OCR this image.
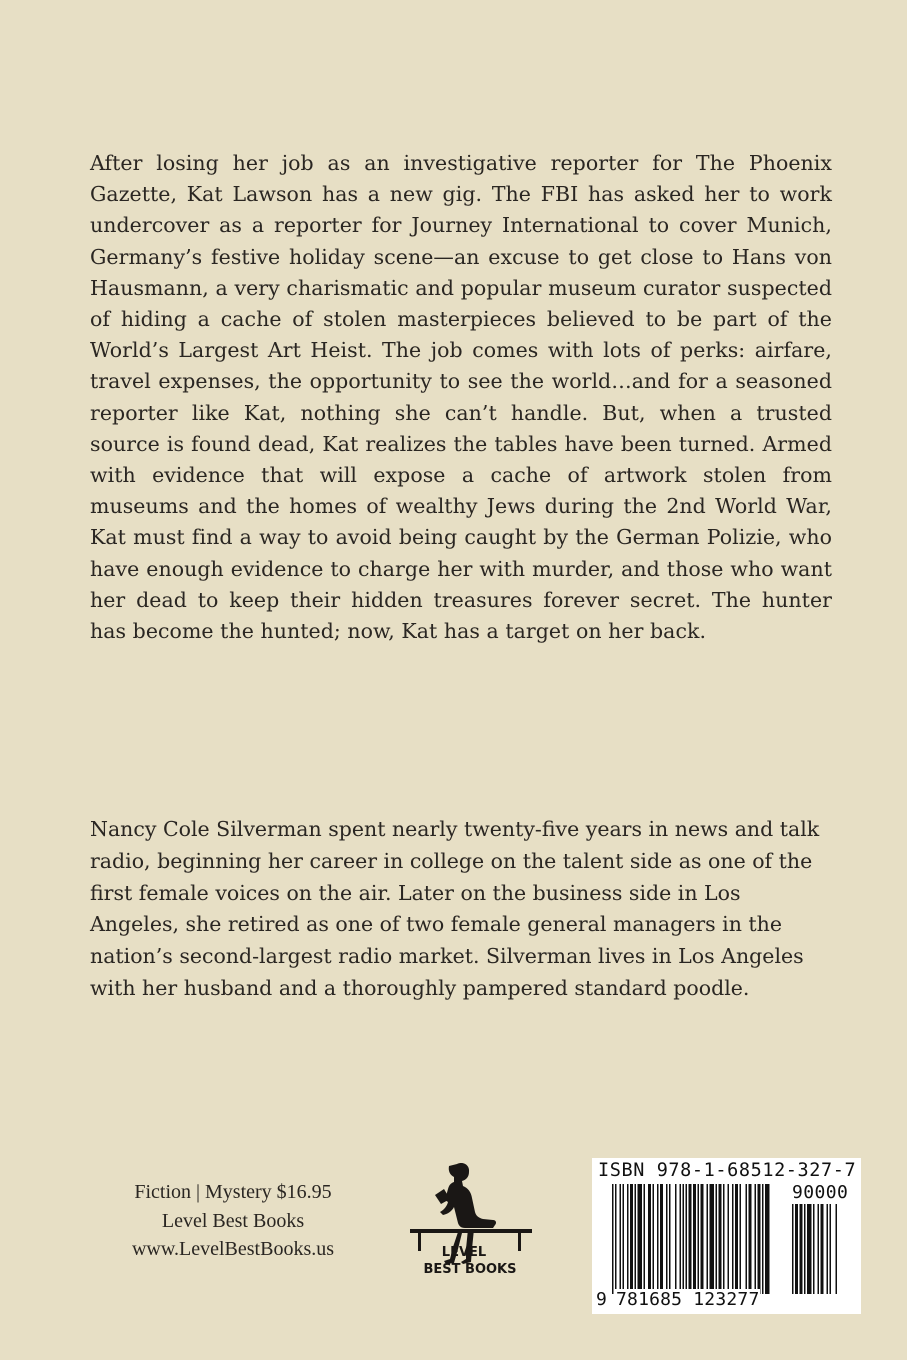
After losing her job as an investigative reporter for The Phoenix Gazette, Kat Lawson has a new gig. The FBI has asked her to work undercover as a reporter for Journey International to cover Munich, Germany’s festive holiday scene—an excuse to get close to Hans von Hausmann, a very charismatic and popular museum curator suspected of hiding a cache of stolen masterpieces believed to be part of the World’s Largest Art Heist. The job comes with lots of perks: airfare, travel expenses, the opportunity to see the world…and for a seasoned reporter like Kat, nothing she can’t handle. But, when a trusted source is found dead, Kat realizes the tables have been turned. Armed with evidence that will expose a cache of artwork stolen from museums and the homes of wealthy Jews during the 2nd World War, Kat must find a way to avoid being caught by the German Polizie, who have enough evidence to charge her with murder, and those who want her dead to keep their hidden treasures forever secret. The hunter has become the hunted; now, Kat has a target on her back.

Nancy Cole Silverman spent nearly twenty-five years in news and talk radio, beginning her career in college on the talent side as one of the first female voices on the air. Later on the business side in Los Angeles, she retired as one of two female general managers in the nation’s second-largest radio market. Silverman lives in Los Angeles with her husband and a thoroughly pampered standard poodle.

Fiction | Mystery $16.95
Level Best Books
www.LevelBestBooks.us	LEVEL
BEST BOOKS
ISBN 978-1-68512-327-7
90000
9 781685 123277
